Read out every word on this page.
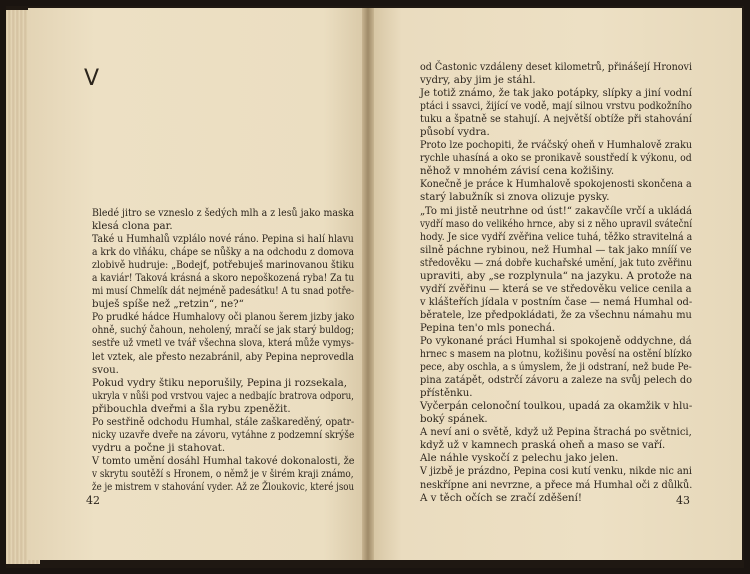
V
Bledé jitro se vzneslo z šedých mlh a z lesů jako maska
klesá clona par.
Také u Humhalů vzplálo nové ráno. Pepina si halí hlavu
a krk do vlňáku, chápe se nůšky a na odchodu z domova
zlobivě hudruje: „Bodejť, potřebuješ marinovanou štiku
a kaviár! Taková krásná a skoro nepoškozená ryba! Za tu
mi musí Chmelík dát nejméně padesátku! A tu snad potře-
buješ spíše než „retzin“, ne?“
Po prudké hádce Humhalovy oči planou šerem jizby jako
ohně, suchý čahoun, neholený, mračí se jak starý buldog;
sestře už vmetl ve tvář všechna slova, která může vymys-
let vztek, ale přesto nezabránil, aby Pepina neprovedla
svou.
Pokud vydry štiku neporušily, Pepina ji rozsekala,
ukryla v nůši pod vrstvou vajec a nedbajíc bratrova odporu,
přibouchla dveřmi a šla rybu zpeněžit.
Po sestřině odchodu Humhal, stále zaškareděný, opatr-
nicky uzavře dveře na závoru, vytáhne z podzemní skrýše
vydru a počne ji stahovat.
V tomto umění dosáhl Humhal takové dokonalosti, že
v skrytu soutěží s Hronem, o němž je v širém kraji známo,
že je mistrem v stahování vyder. Až ze Žloukovic, které jsou
od Častonic vzdáleny deset kilometrů, přinášejí Hronovi
vydry, aby jim je stáhl.
Je totiž známo, že tak jako potápky, slípky a jiní vodní
ptáci i ssavci, žijící ve vodě, mají silnou vrstvu podkožního
tuku a špatně se stahují. A největší obtíže při stahování
působí vydra.
Proto lze pochopiti, že rváčský oheň v Humhalově zraku
rychle uhasíná a oko se pronikavě soustředí k výkonu, od
něhož v mnohém závisí cena kožišiny.
Konečně je práce k Humhalově spokojenosti skončena a
starý labužník si znova olizuje pysky.
„To mi jistě neutrhne od úst!“ zakavčíle vrčí a ukládá
vydří maso do velikého hrnce, aby si z něho upravil sváteční
hody. Je sice vydří zvěřina velice tuhá, těžko stravitelná a
silně páchne rybinou, než Humhal — tak jako mnííí ve
středověku — zná dobře kuchařské umění, jak tuto zvěřinu
upraviti, aby „se rozplynula“ na jazyku. A protože na
vydří zvěřinu — která se ve středověku velice cenila a
v klášteřích jídala v postním čase — nemá Humhal od-
běratele, lze předpokládati, že za všechnu námahu mu
Pepina ten'o mls ponechá.
Po vykonané práci Humhal si spokojeně oddychne, dá
hrnec s masem na plotnu, kožišinu pověsí na ostění blízko
pece, aby oschla, a s úmyslem, že ji odstraní, než bude Pe-
pina zatápět, odstrčí závoru a zaleze na svůj pelech do
přístěnku.
Vyčerpán celonoční toulkou, upadá za okamžik v hlu-
boký spánek.
A neví ani o světě, když už Pepina štrachá po světnici,
když už v kamnech praská oheň a maso se vaří.
Ale náhle vyskočí z pelechu jako jelen.
V jizbě je prázdno, Pepina cosi kutí venku, nikde nic ani
neskřípne ani nevrzne, a přece má Humhal oči z důlků.
A v těch očích se zračí zděšení!
42	43
